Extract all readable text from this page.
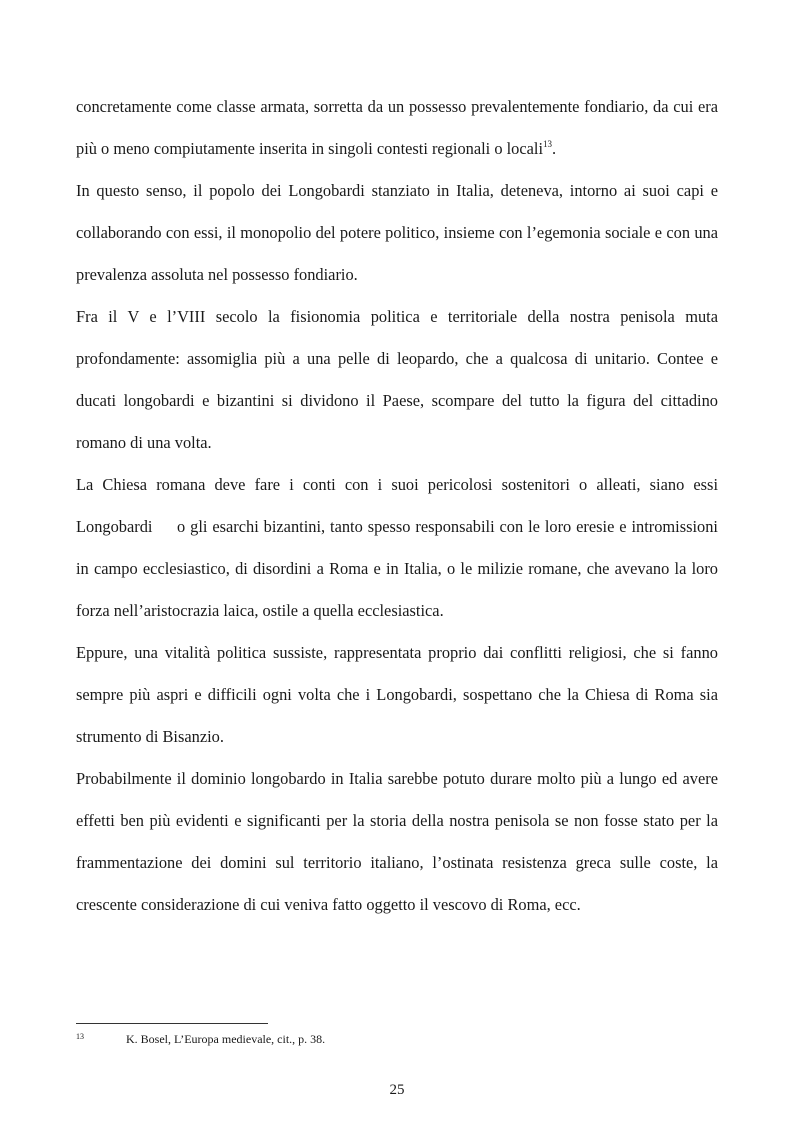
concretamente come classe armata, sorretta da un possesso prevalentemente fondiario, da cui era più o meno compiutamente inserita in singoli contesti regionali o locali$^{13}$.

In questo senso, il popolo dei Longobardi stanziato in Italia, deteneva, intorno ai suoi capi e collaborando con essi, il monopolio del potere politico, insieme con l’egemonia sociale e con una prevalenza assoluta nel possesso fondiario.

Fra il V e l’VIII secolo la fisionomia politica e territoriale della nostra penisola muta profondamente: assomiglia più a una pelle di leopardo, che a qualcosa di unitario. Contee e ducati longobardi e bizantini si dividono il Paese, scompare del tutto la figura del cittadino romano di una volta.

La Chiesa romana deve fare i conti con i suoi pericolosi sostenitori o alleati, siano essi Longobardi     o gli esarchi bizantini, tanto spesso responsabili con le loro eresie e intromissioni in campo ecclesiastico, di disordini a Roma e in Italia, o le milizie romane, che avevano la loro forza nell’aristocrazia laica, ostile a quella ecclesiastica.

Eppure, una vitalità politica sussiste, rappresentata proprio dai conflitti religiosi, che si fanno sempre più aspri e difficili ogni volta che i Longobardi, sospettano che la Chiesa di Roma sia strumento di Bisanzio.

Probabilmente il dominio longobardo in Italia sarebbe potuto durare molto più a lungo ed avere effetti ben più evidenti e significanti per la storia della nostra penisola se non fosse stato per la frammentazione dei domini sul territorio italiano, l’ostinata resistenza greca sulle coste, la crescente considerazione di cui veniva fatto oggetto il vescovo di Roma, ecc.

13	K. Bosel, L’Europa medievale, cit., p. 38.
25
